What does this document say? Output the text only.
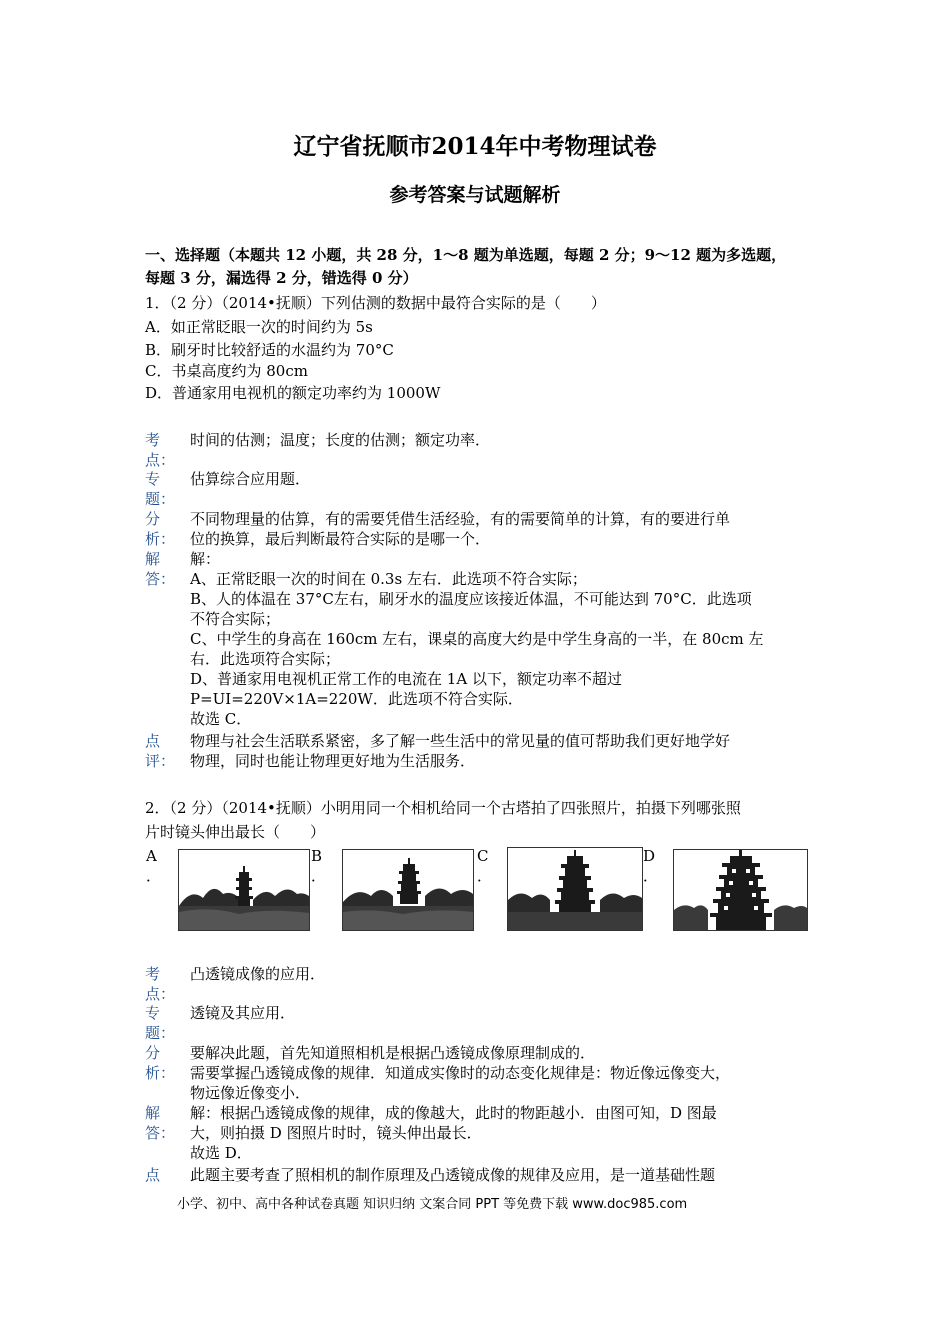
辽宁省抚顺市2014年中考物理试卷
参考答案与试题解析
一、选择题（本题共 12 小题，共 28 分，1～8 题为单选题，每题 2 分；9～12 题为多选题，
每题 3 分，漏选得 2 分，错选得 0 分）
1．（2 分）（2014•抚顺）下列估测的数据中最符合实际的是（　　）
A．如正常眨眼一次的时间约为 5s
B．刷牙时比较舒适的水温约为 70°C
C．书桌高度约为 80cm
D．普通家用电视机的额定功率约为 1000W
考
点：
时间的估测；温度；长度的估测；额定功率．
专
题：
估算综合应用题．
分
析：
不同物理量的估算，有的需要凭借生活经验，有的需要简单的计算，有的要进行单
位的换算，最后判断最符合实际的是哪一个．
解
答：
解：
A、正常眨眼一次的时间在 0.3s 左右．此选项不符合实际；
B、人的体温在 37°C左右，刷牙水的温度应该接近体温，不可能达到 70°C．此选项
不符合实际；
C、中学生的身高在 160cm 左右，课桌的高度大约是中学生身高的一半，在 80cm 左
右．此选项符合实际；
D、普通家用电视机正常工作的电流在 1A 以下，额定功率不超过
P=UI=220V×1A=220W．此选项不符合实际．
故选 C．
点
评：
物理与社会生活联系紧密，多了解一些生活中的常见量的值可帮助我们更好地学好
物理，同时也能让物理更好地为生活服务．
2．（2 分）（2014•抚顺）小明用同一个相机给同一个古塔拍了四张照片，拍摄下列哪张照
片时镜头伸出最长（　　）
A
．
B
．
C
．
D
．
考
点：
凸透镜成像的应用．
专
题：
透镜及其应用．
分
析：
要解决此题，首先知道照相机是根据凸透镜成像原理制成的．
需要掌握凸透镜成像的规律．知道成实像时的动态变化规律是：物近像远像变大，
物远像近像变小．
解
答：
解：根据凸透镜成像的规律，成的像越大，此时的物距越小．由图可知，D 图最
大，则拍摄 D 图照片时时，镜头伸出最长．
故选 D．
点 此题主要考查了照相机的制作原理及凸透镜成像的规律及应用，是一道基础性题
小学、初中、高中各种试卷真题 知识归纳 文案合同 PPT 等免费下载 www.doc985.com
